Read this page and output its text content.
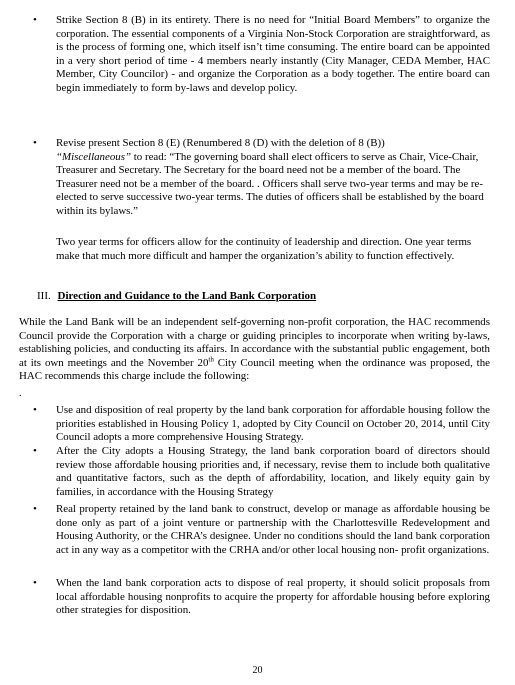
• Strike Section 8 (B) in its entirety. There is no need for “Initial Board Members” to organize the corporation. The essential components of a Virginia Non-Stock Corporation are straightforward, as is the process of forming one, which itself isn’t time consuming. The entire board can be appointed in a very short period of time - 4 members nearly instantly (City Manager, CEDA Member, HAC Member, City Councilor) - and organize the Corporation as a body together. The entire board can begin immediately to form by-laws and develop policy.

• Revise present Section 8 (E) (Renumbered 8 (D) with the deletion of 8 (B))

“Miscellaneous” to read: “The governing board shall elect officers to serve as Chair, Vice-Chair, Treasurer and Secretary. The Secretary for the board need not be a member of the board. The Treasurer need not be a member of the board. . Officers shall serve two-year terms and may be re-elected to serve successive two-year terms. The duties of officers shall be established by the board within its bylaws.”

Two year terms for officers allow for the continuity of leadership and direction. One year terms make that much more difficult and hamper the organization’s ability to function effectively.

III. Direction and Guidance to the Land Bank Corporation

While the Land Bank will be an independent self-governing non-profit corporation, the HAC recommends Council provide the Corporation with a charge or guiding principles to incorporate when writing by-laws, establishing policies, and conducting its affairs. In accordance with the substantial public engagement, both at its own meetings and the November 20th City Council meeting when the ordinance was proposed, the HAC recommends this charge include the following:

.
• Use and disposition of real property by the land bank corporation for affordable housing follow the priorities established in Housing Policy 1, adopted by City Council on October 20, 2014, until City Council adopts a more comprehensive Housing Strategy.

• After the City adopts a Housing Strategy, the land bank corporation board of directors should review those affordable housing priorities and, if necessary, revise them to include both qualitative and quantitative factors, such as the depth of affordability, location, and likely equity gain by families, in accordance with the Housing Strategy

• Real property retained by the land bank to construct, develop or manage as affordable housing be done only as part of a joint venture or partnership with the Charlottesville Redevelopment and Housing Authority, or the CHRA’s designee. Under no conditions should the land bank corporation act in any way as a competitor with the CRHA and/or other local housing non- profit organizations.

• When the land bank corporation acts to dispose of real property, it should solicit proposals from local affordable housing nonprofits to acquire the property for affordable housing before exploring other strategies for disposition.

20
